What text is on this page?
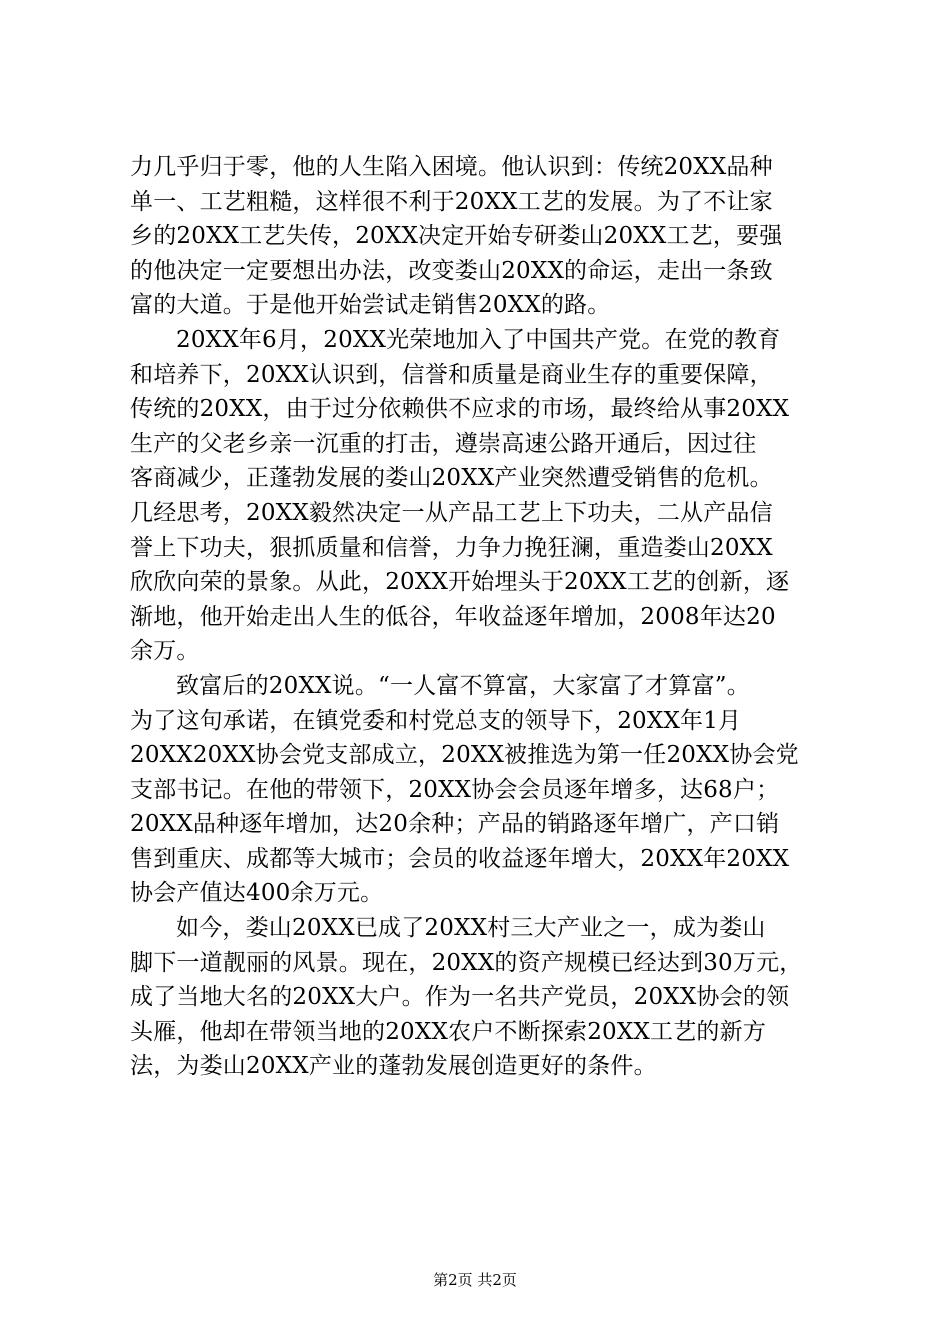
力几乎归于零，他的人生陷入困境。他认识到：传统20XX品种
单一、工艺粗糙，这样很不利于20XX工艺的发展。为了不让家
乡的20XX工艺失传，20XX决定开始专研娄山20XX工艺，要强
的他决定一定要想出办法，改变娄山20XX的命运，走出一条致
富的大道。于是他开始尝试走销售20XX的路。
20XX年6月，20XX光荣地加入了中国共产党。在党的教育
和培养下，20XX认识到，信誉和质量是商业生存的重要保障，
传统的20XX，由于过分依赖供不应求的市场，最终给从事20XX
生产的父老乡亲一沉重的打击，遵崇高速公路开通后，因过往
客商减少，正蓬勃发展的娄山20XX产业突然遭受销售的危机。
几经思考，20XX毅然决定一从产品工艺上下功夫，二从产品信
誉上下功夫，狠抓质量和信誉，力争力挽狂澜，重造娄山20XX
欣欣向荣的景象。从此，20XX开始埋头于20XX工艺的创新，逐
渐地，他开始走出人生的低谷，年收益逐年增加，2008年达20
余万。
致富后的20XX说。“一人富不算富，大家富了才算富”。
为了这句承诺，在镇党委和村党总支的领导下，20XX年1月
20XX20XX协会党支部成立，20XX被推选为第一任20XX协会党
支部书记。在他的带领下，20XX协会会员逐年增多，达68户；
20XX品种逐年增加，达20余种；产品的销路逐年增广，产口销
售到重庆、成都等大城市；会员的收益逐年增大，20XX年20XX
协会产值达400余万元。
如今，娄山20XX已成了20XX村三大产业之一，成为娄山
脚下一道靓丽的风景。现在，20XX的资产规模已经达到30万元，
成了当地大名的20XX大户。作为一名共产党员，20XX协会的领
头雁，他却在带领当地的20XX农户不断探索20XX工艺的新方
法，为娄山20XX产业的蓬勃发展创造更好的条件。
第2页 共2页
